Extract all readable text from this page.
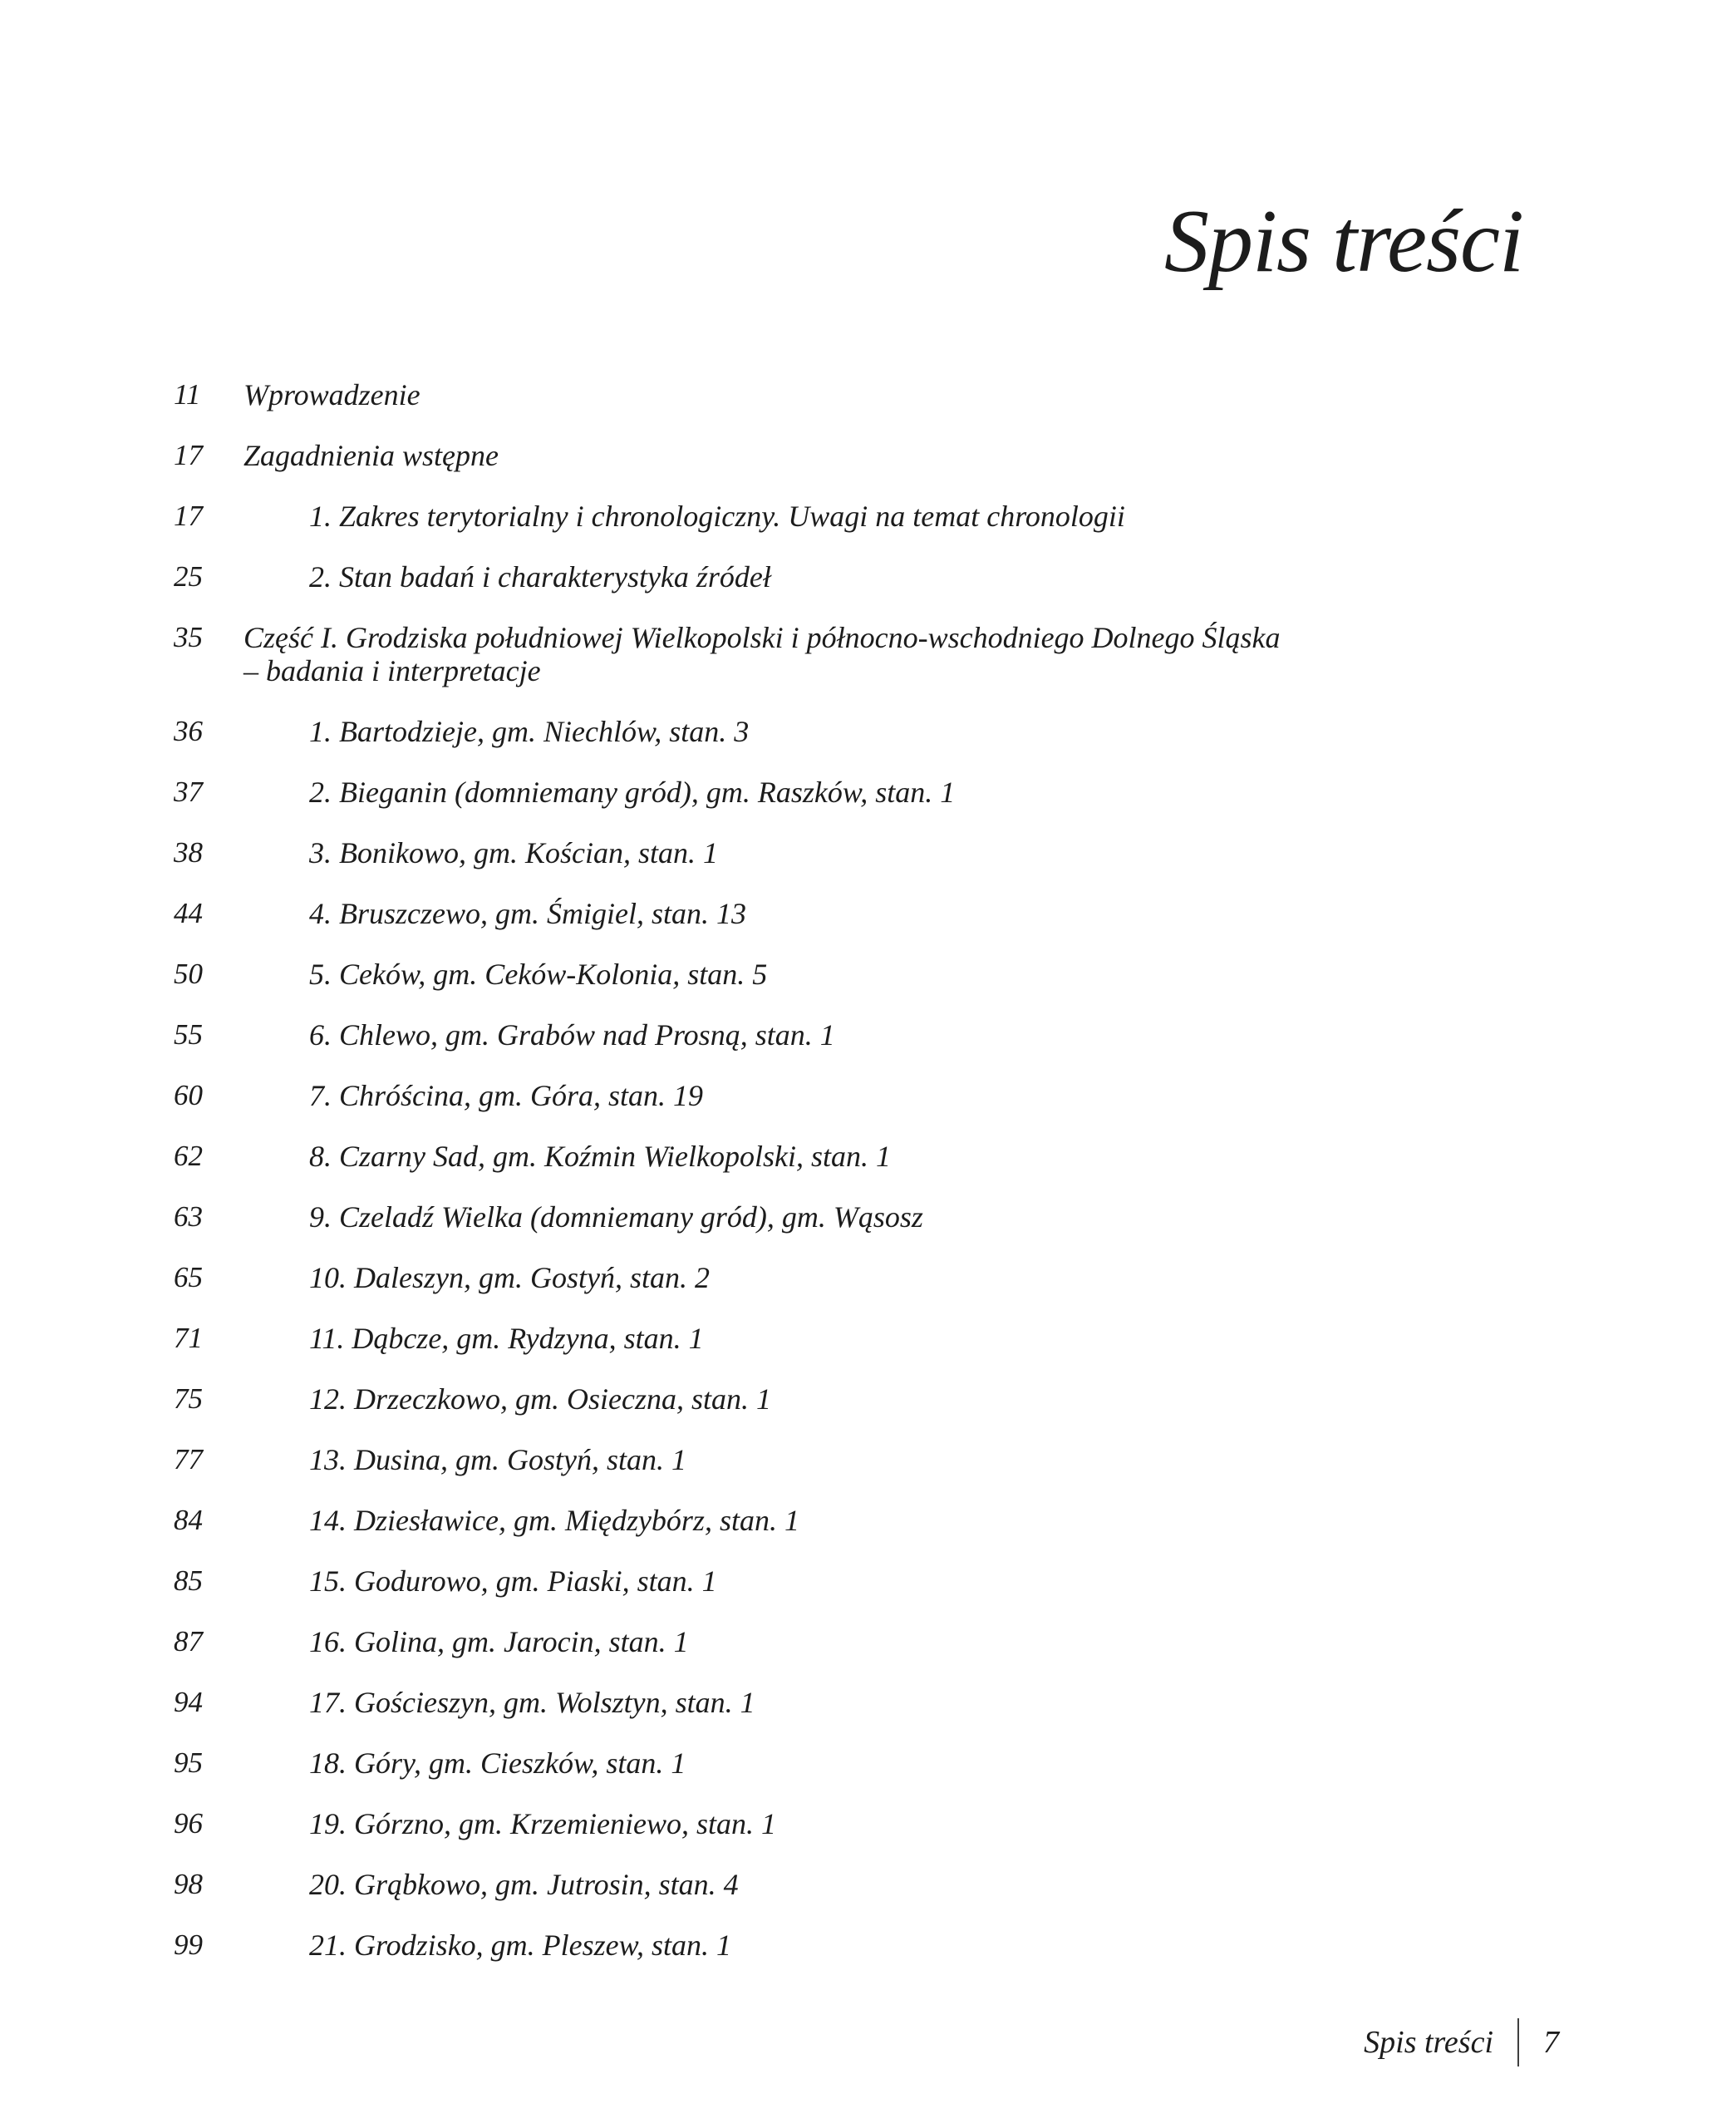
Spis treści
11	Wprowadzenie
17	Zagadnienia wstępne
17	1. Zakres terytorialny i chronologiczny. Uwagi na temat chronologii
25	2. Stan badań i charakterystyka źródeł
35	Część I. Grodziska południowej Wielkopolski i północno-wschodniego Dolnego Śląska
– badania i interpretacje
36	1. Bartodzieje, gm. Niechlów, stan. 3
37	2. Bieganin (domniemany gród), gm. Raszków, stan. 1
38	3. Bonikowo, gm. Kościan, stan. 1
44	4. Bruszczewo, gm. Śmigiel, stan. 13
50	5. Ceków, gm. Ceków-Kolonia, stan. 5
55	6. Chlewo, gm. Grabów nad Prosną, stan. 1
60	7. Chróścina, gm. Góra, stan. 19
62	8. Czarny Sad, gm. Koźmin Wielkopolski, stan. 1
63	9. Czeladź Wielka (domniemany gród), gm. Wąsosz
65	10. Daleszyn, gm. Gostyń, stan. 2
71	11. Dąbcze, gm. Rydzyna, stan. 1
75	12. Drzeczkowo, gm. Osieczna, stan. 1
77	13. Dusina, gm. Gostyń, stan. 1
84	14. Dziesławice, gm. Międzybórz, stan. 1
85	15. Godurowo, gm. Piaski, stan. 1
87	16. Golina, gm. Jarocin, stan. 1
94	17. Gościeszyn, gm. Wolsztyn, stan. 1
95	18. Góry, gm. Cieszków, stan. 1
96	19. Górzno, gm. Krzemieniewo, stan. 1
98	20. Grąbkowo, gm. Jutrosin, stan. 4
99	21. Grodzisko, gm. Pleszew, stan. 1
Spis treści 7
